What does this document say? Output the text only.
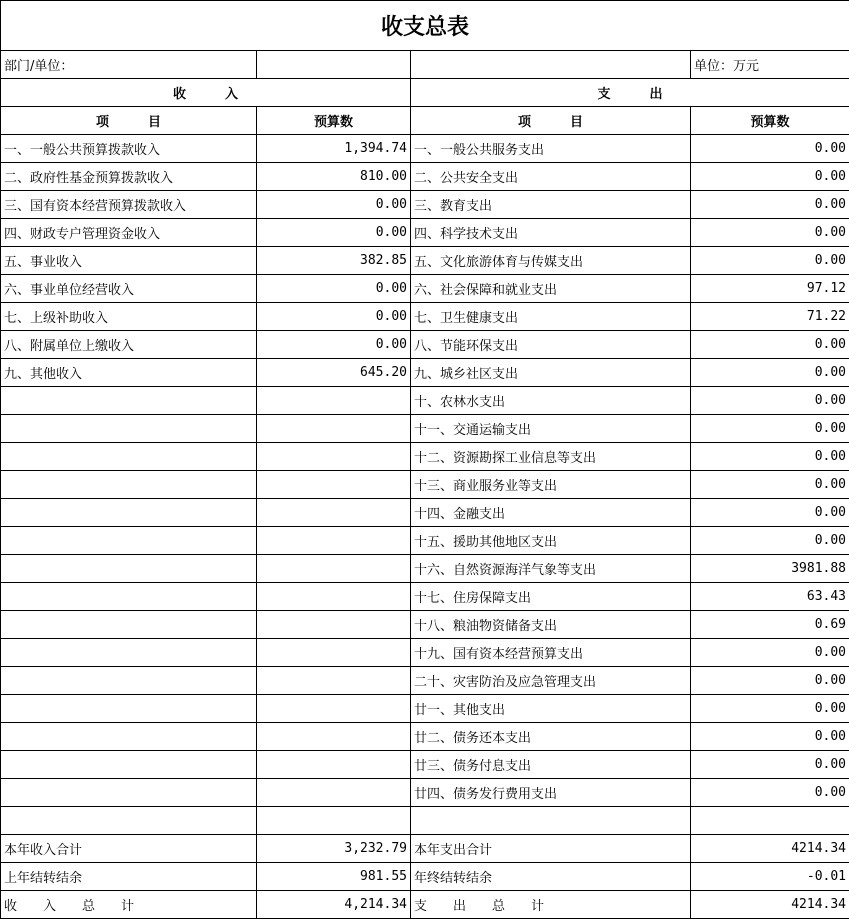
收支总表			
部门/单位：			单位：万元
收　　　入		支　　　出	
项　　　目	预算数	项　　　目	预算数
一、一般公共预算拨款收入	1,394.74	一、一般公共服务支出	0.00
二、政府性基金预算拨款收入	810.00	二、公共安全支出	0.00
三、国有资本经营预算拨款收入	0.00	三、教育支出	0.00
四、财政专户管理资金收入	0.00	四、科学技术支出	0.00
五、事业收入	382.85	五、文化旅游体育与传媒支出	0.00
六、事业单位经营收入	0.00	六、社会保障和就业支出	97.12
七、上级补助收入	0.00	七、卫生健康支出	71.22
八、附属单位上缴收入	0.00	八、节能环保支出	0.00
九、其他收入	645.20	九、城乡社区支出	0.00
		十、农林水支出	0.00
		十一、交通运输支出	0.00
		十二、资源勘探工业信息等支出	0.00
		十三、商业服务业等支出	0.00
		十四、金融支出	0.00
		十五、援助其他地区支出	0.00
		十六、自然资源海洋气象等支出	3981.88
		十七、住房保障支出	63.43
		十八、粮油物资储备支出	0.69
		十九、国有资本经营预算支出	0.00
		二十、灾害防治及应急管理支出	0.00
		廿一、其他支出	0.00
		廿二、债务还本支出	0.00
		廿三、债务付息支出	0.00
		廿四、债务发行费用支出	0.00

本年收入合计	3,232.79	本年支出合计	4214.34
上年结转结余	981.55	年终结转结余	-0.01
收　　入　　总　　计	4,214.34	支　　出　　总　　计	4214.34
